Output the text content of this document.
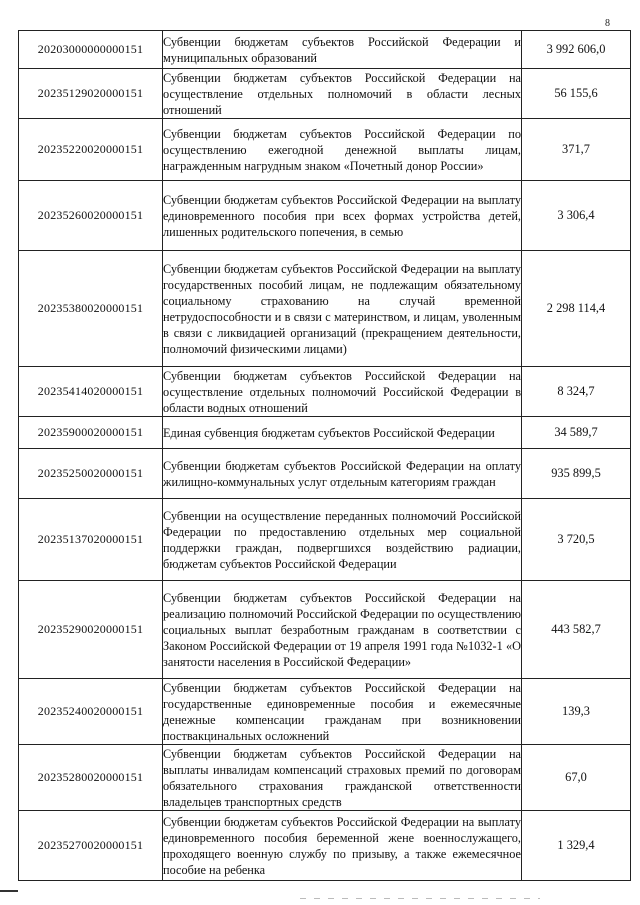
8
20203000000000151	Субвенции бюджетам субъектов Российской Федерации и муниципальных образований	3 992 606,0
20235129020000151	Субвенции бюджетам субъектов Российской Федерации на осуществление отдельных полномочий в области лесных отношений	56 155,6
20235220020000151	Субвенции бюджетам субъектов Российской Федерации по осуществлению ежегодной денежной выплаты лицам, награжденным нагрудным знаком «Почетный донор России»	371,7
20235260020000151	Субвенции бюджетам субъектов Российской Федерации на выплату единовременного пособия при всех формах устройства детей, лишенных родительского попечения, в семью	3 306,4
20235380020000151	Субвенции бюджетам субъектов Российской Федерации на выплату государственных пособий лицам, не подлежащим обязательному социальному страхованию на случай временной нетрудоспособности и в связи с материнством, и лицам, уволенным в связи с ликвидацией организаций (прекращением деятельности, полномочий физическими лицами)	2 298 114,4
20235414020000151	Субвенции бюджетам субъектов Российской Федерации на осуществление отдельных полномочий Российской Федерации в области водных отношений	8 324,7
20235900020000151	Единая субвенция бюджетам субъектов Российской Федерации	34 589,7
20235250020000151	Субвенции бюджетам субъектов Российской Федерации на оплату жилищно-коммунальных услуг отдельным категориям граждан	935 899,5
20235137020000151	Субвенции на осуществление переданных полномочий Российской Федерации по предоставлению отдельных мер социальной поддержки граждан, подвергшихся воздействию радиации, бюджетам субъектов Российской Федерации	3 720,5
20235290020000151	Субвенции бюджетам субъектов Российской Федерации на реализацию полномочий Российской Федерации по осуществлению социальных выплат безработным гражданам в соответствии с Законом Российской Федерации от 19 апреля 1991 года №1032-1 «О занятости населения в Российской Федерации»	443 582,7
20235240020000151	Субвенции бюджетам субъектов Российской Федерации на государственные единовременные пособия и ежемесячные денежные компенсации гражданам при возникновении поствакцинальных осложнений	139,3
20235280020000151	Субвенции бюджетам субъектов Российской Федерации на выплаты инвалидам компенсаций страховых премий по договорам обязательного страхования гражданской ответственности владельцев транспортных средств	67,0
20235270020000151	Субвенции бюджетам субъектов Российской Федерации на выплату единовременного пособия беременной жене военнослужащего, проходящего военную службу по призыву, а также ежемесячное пособие на ребенка	1 329,4
